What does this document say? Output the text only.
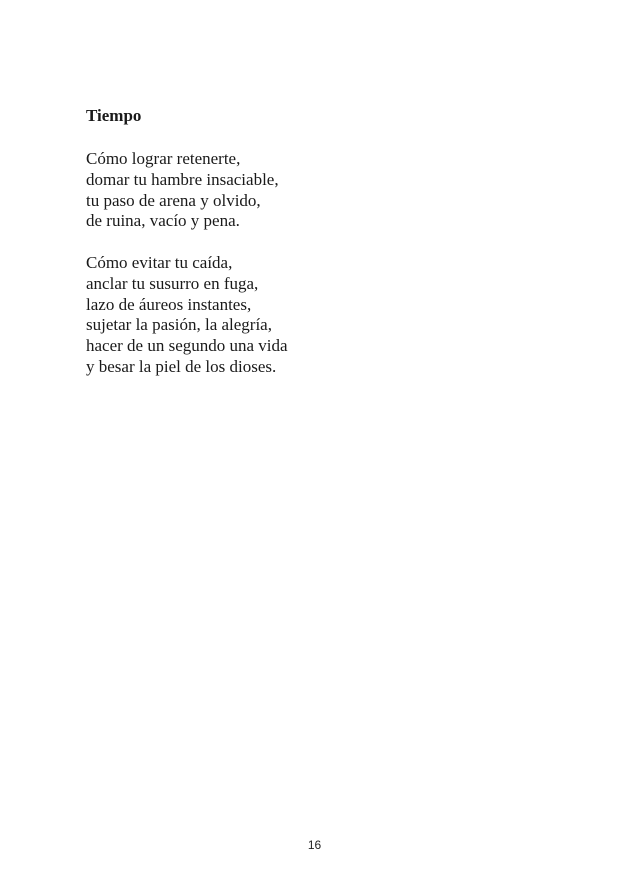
Tiempo
Cómo lograr retenerte,
domar tu hambre insaciable,
tu paso de arena y olvido,
de ruina, vacío y pena.
Cómo evitar tu caída,
anclar tu susurro en fuga,
lazo de áureos instantes,
sujetar la pasión, la alegría,
hacer de un segundo una vida
y besar la piel de los dioses.
16
